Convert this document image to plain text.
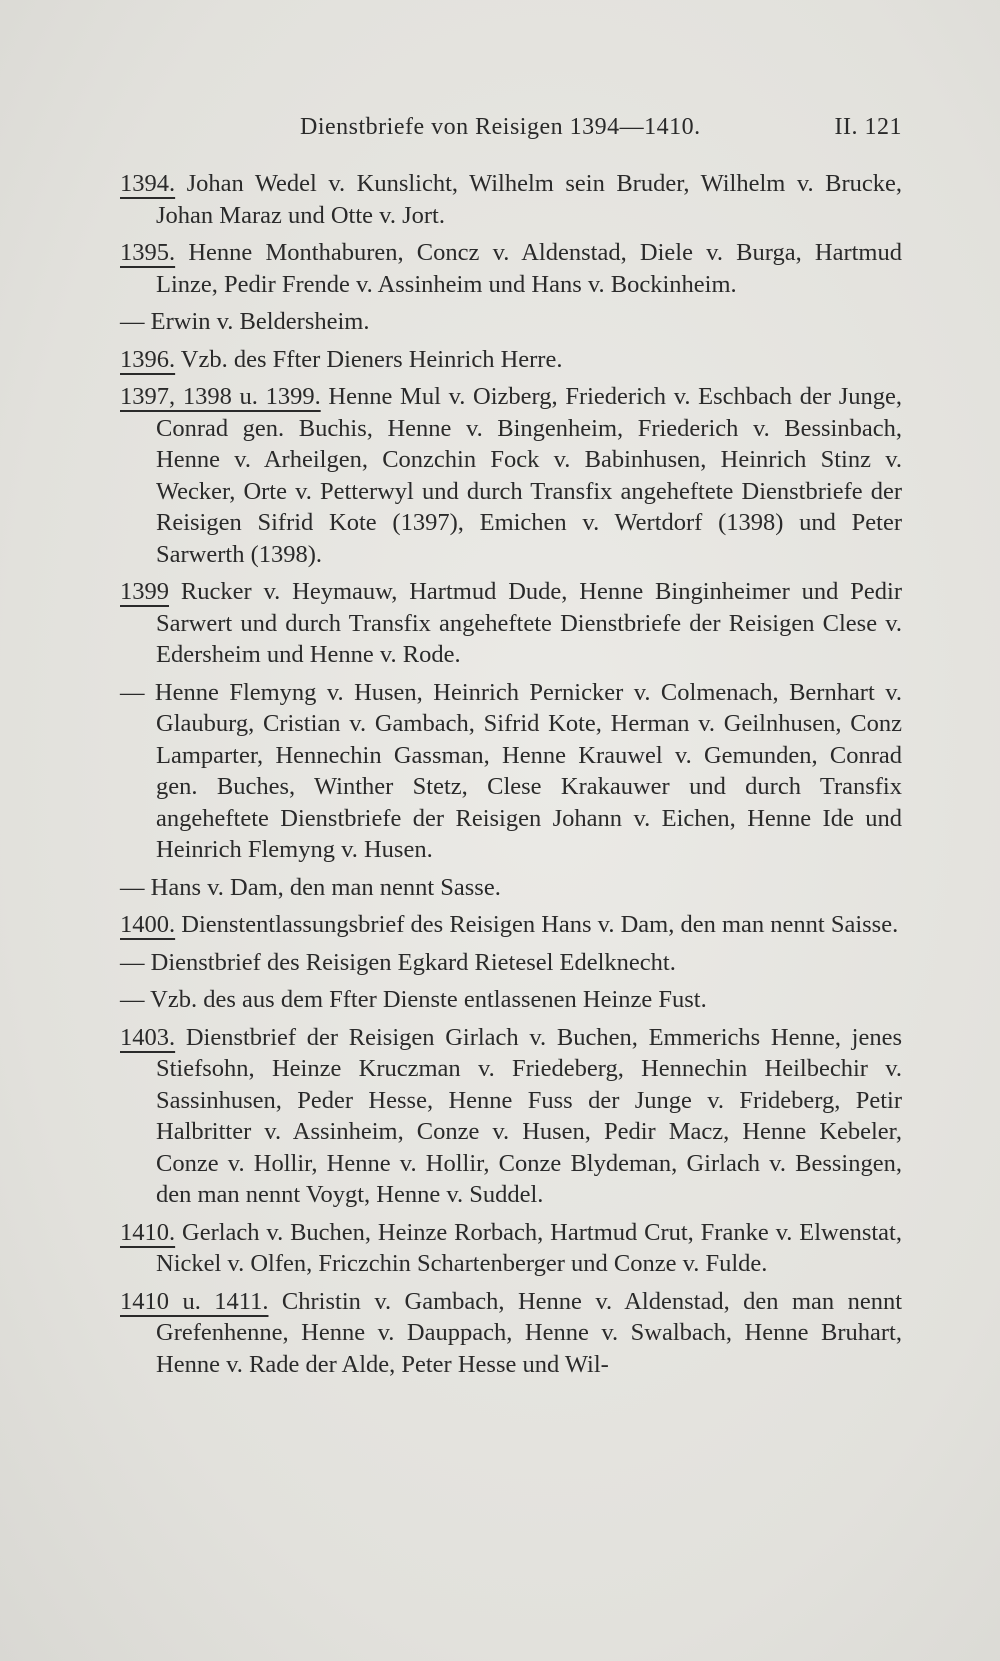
Dienstbriefe von Reisigen 1394—1410.	II. 121

1394. Johan Wedel v. Kunslicht, Wilhelm sein Bruder, Wilhelm v. Brucke, Johan Maraz und Otte v. Jort.

1395. Henne Monthaburen, Concz v. Aldenstad, Diele v. Burga, Hartmud Linze, Pedir Frende v. Assinheim und Hans v. Bockinheim.

— Erwin v. Beldersheim.

1396. Vzb. des Ffter Dieners Heinrich Herre.

1397, 1398 u. 1399. Henne Mul v. Oizberg, Friederich v. Eschbach der Junge, Conrad gen. Buchis, Henne v. Bingenheim, Friederich v. Bessinbach, Henne v. Arheilgen, Conzchin Fock v. Babinhusen, Heinrich Stinz v. Wecker, Orte v. Petterwyl und durch Transfix angeheftete Dienstbriefe der Reisigen Sifrid Kote (1397), Emichen v. Wertdorf (1398) und Peter Sarwerth (1398).

1399 Rucker v. Heymauw, Hartmud Dude, Henne Binginheimer und Pedir Sarwert und durch Transfix angeheftete Dienstbriefe der Reisigen Clese v. Edersheim und Henne v. Rode.

— Henne Flemyng v. Husen, Heinrich Pernicker v. Colmenach, Bernhart v. Glauburg, Cristian v. Gambach, Sifrid Kote, Herman v. Geilnhusen, Conz Lamparter, Hennechin Gassman, Henne Krauwel v. Gemunden, Conrad gen. Buches, Winther Stetz, Clese Krakauwer und durch Transfix angeheftete Dienstbriefe der Reisigen Johann v. Eichen, Henne Ide und Heinrich Flemyng v. Husen.

— Hans v. Dam, den man nennt Sasse.

1400. Dienstentlassungsbrief des Reisigen Hans v. Dam, den man nennt Saisse.

— Dienstbrief des Reisigen Egkard Rietesel Edelknecht.

— Vzb. des aus dem Ffter Dienste entlassenen Heinze Fust.

1403. Dienstbrief der Reisigen Girlach v. Buchen, Emmerichs Henne, jenes Stiefsohn, Heinze Kruczman v. Friedeberg, Hennechin Heilbechir v. Sassinhusen, Peder Hesse, Henne Fuss der Junge v. Frideberg, Petir Halbritter v. Assinheim, Conze v. Husen, Pedir Macz, Henne Kebeler, Conze v. Hollir, Henne v. Hollir, Conze Blydeman, Girlach v. Bessingen, den man nennt Voygt, Henne v. Suddel.

1410. Gerlach v. Buchen, Heinze Rorbach, Hartmud Crut, Franke v. Elwenstat, Nickel v. Olfen, Friczchin Schartenberger und Conze v. Fulde.

1410 u. 1411. Christin v. Gambach, Henne v. Aldenstad, den man nennt Grefenhenne, Henne v. Dauppach, Henne v. Swalbach, Henne Bruhart, Henne v. Rade der Alde, Peter Hesse und Wil-
